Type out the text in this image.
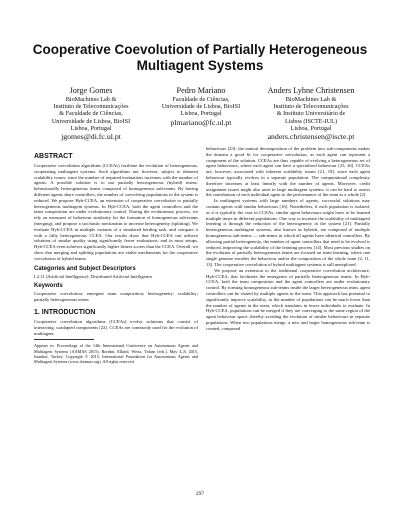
Cooperative Coevolution of Partially Heterogeneous
Multiagent Systems
Jorge Gomes
BioMachines Lab &
Instituto de Telecomunicações
& Faculdade de Ciências,
Universidade de Lisboa, BioISI
Lisboa, Portugal
jgomes@di.fc.ul.pt
Pedro Mariano
Faculdade de Ciências,
Universidade de Lisboa, BioISI
Lisboa, Portugal
plmariano@fc.ul.pt
Anders Lyhne Christensen
BioMachines Lab &
Instituto de Telecomunicações
& Instituto Universitário de
Lisboa (ISCTE-IUL)
Lisboa, Portugal
anders.christensen@iscte.pt
ABSTRACT

Cooperative coevolution algorithms (CCEAs) facilitate the evolution of heterogeneous, cooperating multiagent systems. Such algorithms are, however, subject to inherent scalability issues, since the number of required evaluations increases with the number of agents. A possible solution is to use partially heterogeneous (hybrid) teams: behaviourally heterogeneous teams composed of homogeneous sub-teams. By having different agents share controllers, the number of coevolving populations in the system is reduced. We propose Hyb-CCEA, an extension of cooperative coevolution to partially heterogeneous multiagent systems. In Hyb-CCEA, both the agent controllers and the team composition are under evolutionary control. During the evolutionary process, we rely on measures of behaviour similarity for the formation of homogeneous sub-teams (merging), and propose a stochastic mechanism to increase heterogeneity (splitting). We evaluate Hyb-CCEA in multiple variants of a simulated herding task, and compare it with a fully heterogeneous CCEA. Our results show that Hyb-CCEA can achieve solutions of similar quality using significantly fewer evaluations, and in most setups, Hyb-CCEA even achieves significantly higher fitness scores than the CCEA. Overall, we show that merging and splitting populations are viable mechanisms for the cooperative coevolution of hybrid teams.

Categories and Subject Descriptors

I.2.11 [Artificial Intelligence]: Distributed Artificial Intelligence

Keywords

Cooperative coevolution; emergent team composition; heterogeneity; scalability; partially heterogeneous teams

1. INTRODUCTION

Cooperative coevolution algorithms (CCEAs) evolve solutions that consist of interacting, coadapted components [22]. CCEAs are commonly used for the evolution of multiagent

Appears in: Proceedings of the 14th International Conference on Autonomous Agents and Multiagent Systems (AAMAS 2015), Bordini, Elkind, Weiss, Yolum (eds.), May 4–8, 2015, Istanbul, Turkey. Copyright © 2015, International Foundation for Autonomous Agents and Multiagent Systems (www.ifaamas.org). All rights reserved.

behaviours [23]: the natural decomposition of the problem into sub-components makes the domain a good fit for cooperative coevolution, as each agent can represent a component of the solution. CCEAs are thus capable of evolving a heterogeneous set of agent behaviours, where each agent can have a specialised behaviour [25, 26]. CCEAs are, however, associated with inherent scalability issues [21, 18], since each agent behaviour typically evolves in a separate population. The computational complexity therefore increases at least linearly with the number of agents. Moreover, credit assignment issues might also arise in large multiagent systems: it can be hard to assess the contribution of each individual agent to the performance of the team as a whole [2].

In multiagent systems with large numbers of agents, successful solutions may contain agents with similar behaviours [16]. Nonetheless, if each population is isolated, as it is typically the case in CCEAs, similar agent behaviours might have to be learned multiple times in different populations. One way to increase the scalability of multiagent learning is through the reduction of the heterogeneity in the system [21]. Partially heterogeneous multiagent systems, also known as hybrids, are composed of multiple homogeneous sub-teams — sub-teams in which all agents have identical controllers. By allowing partial heterogeneity, the number of agent controllers that need to be evolved is reduced, improving the scalability of the learning process [14]. Most previous studies on the evolution of partially heterogeneous teams are focused on team learning, where one single genome encodes the behaviour and/or the composition of the whole team [2, 11, 13]. The cooperative coevolution of hybrid multiagent systems is still unexplored.

We propose an extension to the traditional cooperative coevolution architecture, Hyb-CCEA, that facilitates the emergence of partially heterogeneous teams. In Hyb-CCEA, both the team composition and the agent controllers are under evolutionary control. By forming homogeneous sub-teams inside the larger heterogeneous team, agent controllers can be shared by multiple agents in the team. This approach has potential to significantly improve scalability, as the number of populations can be much lower than the number of agents in the team, which translates in fewer individuals to evaluate. In Hyb-CCEA, populations can be merged if they are converging to the same region of the agent behaviour space, thereby avoiding the evolution of similar behaviours in separate populations. When two populations merge, a new and larger homogeneous sub-team is created, composed

297
